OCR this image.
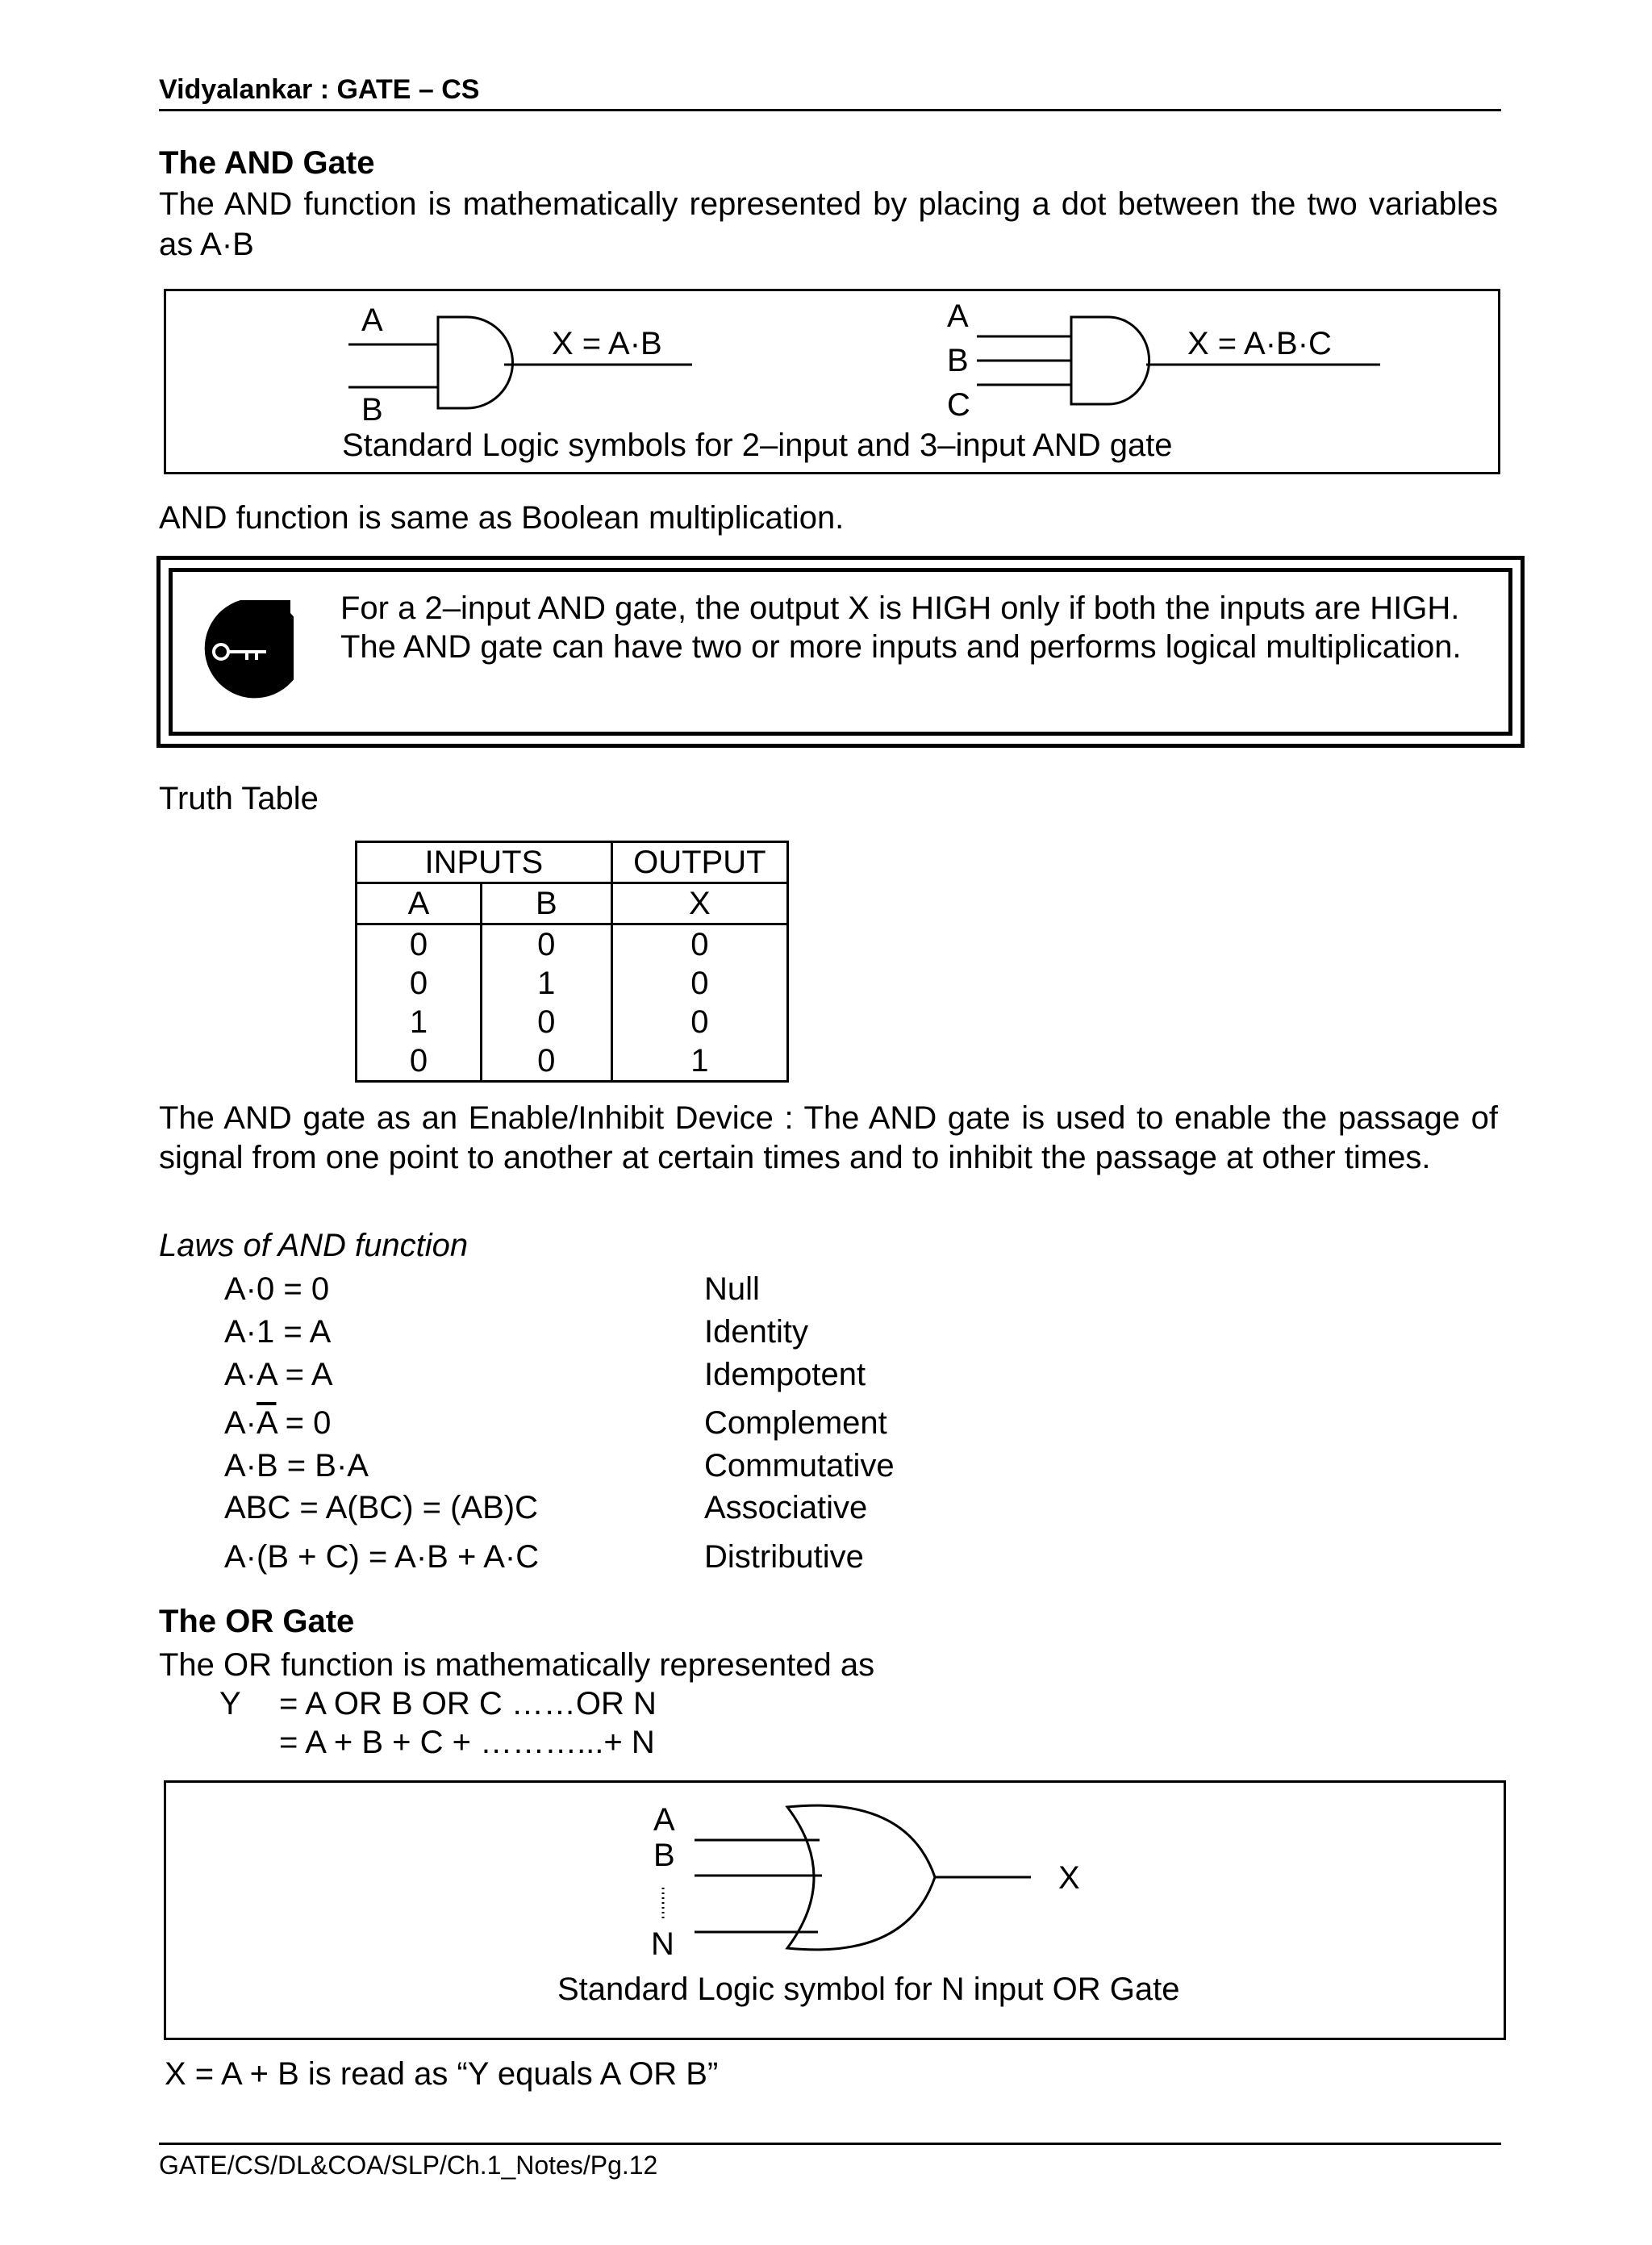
Vidyalankar : GATE – CS
The AND Gate
The AND function is mathematically represented by placing a dot between the two variables as A·B
A
B
X = A·B
A
B
C
X = A·B·C
Standard Logic symbols for 2–input and 3–input AND gate
AND function is same as Boolean multiplication.
For a 2–input AND gate, the output X is HIGH only if both the inputs are HIGH.
The AND gate can have two or more inputs and performs logical multiplication.
Truth Table
INPUTS		OUTPUT
A	B	X
0	0	0
0	1	0
1	0	0
0	0	1
The AND gate as an Enable/Inhibit Device : The AND gate is used to enable the passage of signal from one point to another at certain times and to inhibit the passage at other times.
Laws of AND function
A·0 = 0	Null
A·1 = A	Identity
A·A = A	Idempotent
$A\cdot\overline{A} = 0$	Complement
A·B = B·A	Commutative
ABC = A(BC) = (AB)C	Associative
A·(B + C) = A·B + A·C	Distributive
The OR Gate
The OR function is mathematically represented as
Y = A OR B OR C ……OR N
= A + B + C + ………...+ N
A
B
N
X
Standard Logic symbol for N input OR Gate
X = A + B is read as “Y equals A OR B”
GATE/CS/DL&COA/SLP/Ch.1_Notes/Pg.12
